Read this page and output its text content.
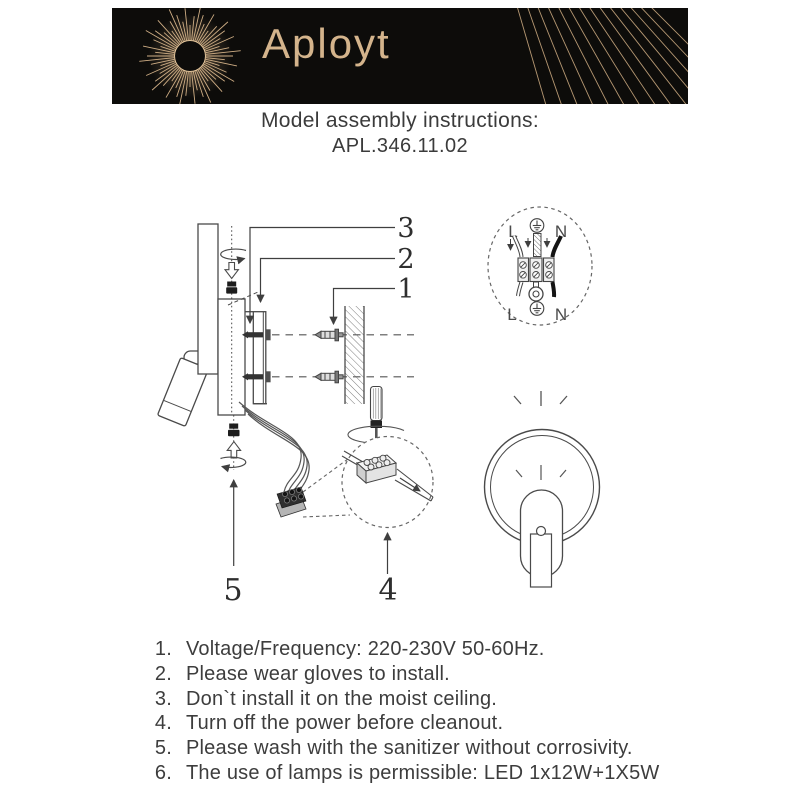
Aployt
Model assembly instructions:
APL.346.11.02
3
2
1
4
5
L N
L N
1. Voltage/Frequency: 220-230V 50-60Hz.
2. Please wear gloves to install.
3. Don`t install it on the moist ceiling.
4. Turn off the power before cleanout.
5. Please wash with the sanitizer without corrosivity.
6. The use of lamps is permissible: LED 1x12W+1X5W
